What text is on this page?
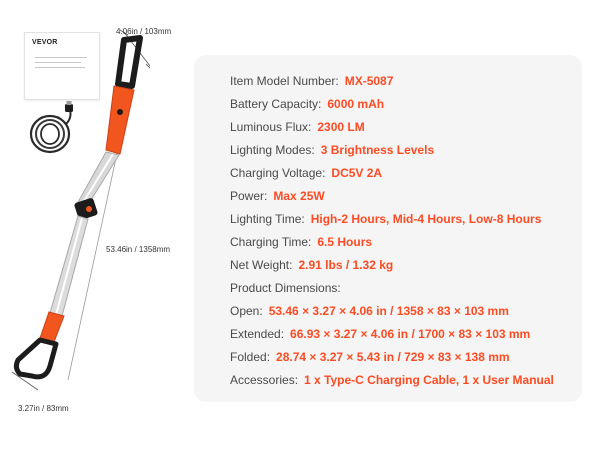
VEVOR
4.06in / 103mm
53.46in / 1358mm
3.27in / 83mm
Item Model Number: MX-5087
Battery Capacity: 6000 mAh
Luminous Flux: 2300 LM
Lighting Modes: 3 Brightness Levels
Charging Voltage: DC5V 2A
Power: Max 25W
Lighting Time: High-2 Hours, Mid-4 Hours, Low-8 Hours
Charging Time: 6.5 Hours
Net Weight: 2.91 lbs / 1.32 kg
Product Dimensions:
Open: 53.46 × 3.27 × 4.06 in / 1358 × 83 × 103 mm
Extended: 66.93 × 3.27 × 4.06 in / 1700 × 83 × 103 mm
Folded: 28.74 × 3.27 × 5.43 in / 729 × 83 × 138 mm
Accessories: 1 x Type-C Charging Cable, 1 x User Manual
